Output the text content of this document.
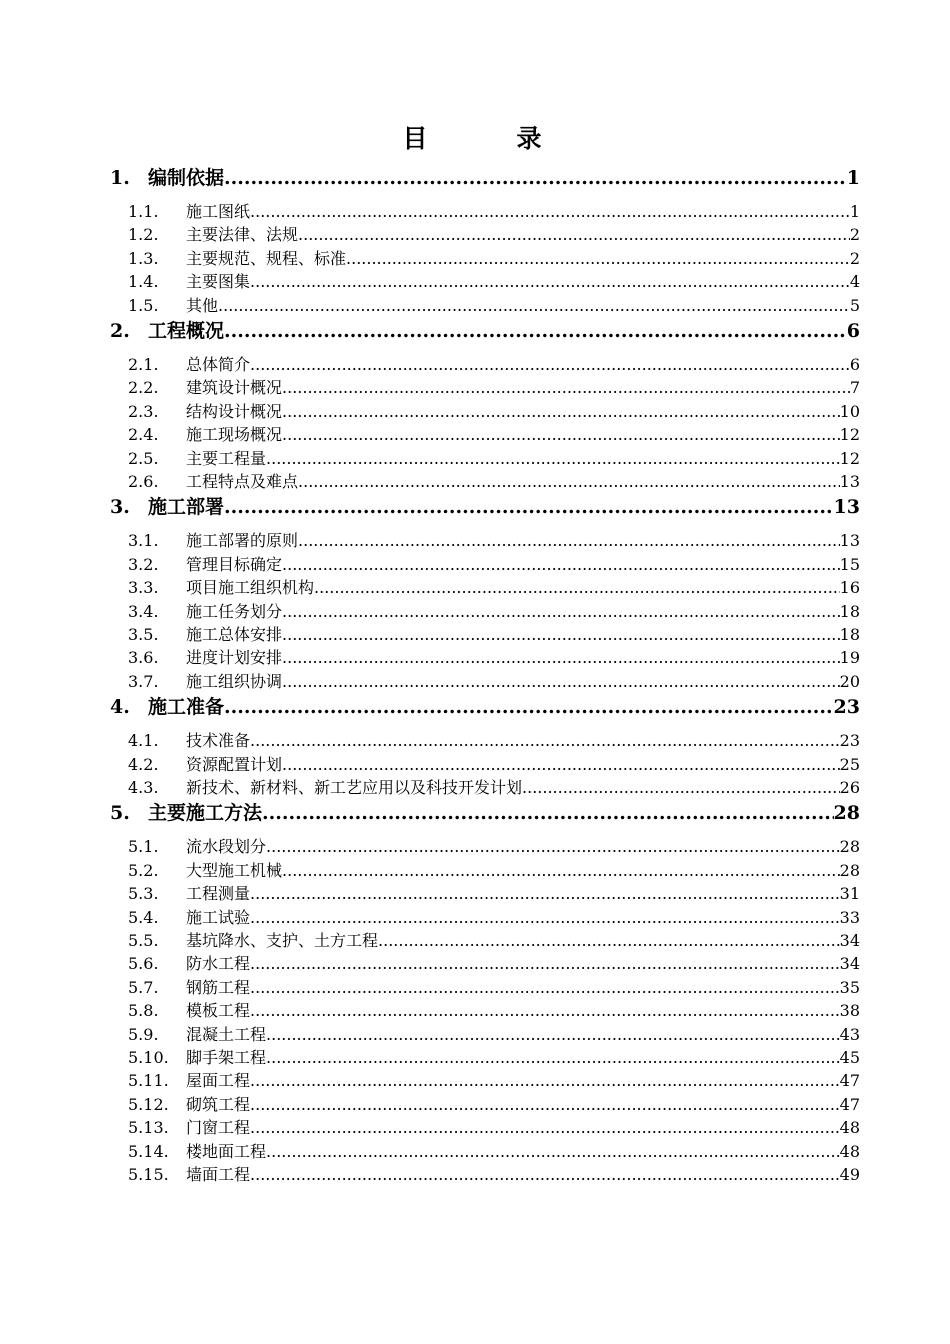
目　录
1. 编制依据 .....	1
1.1.	施工图纸 .....	1
1.2.	主要法律、法规 .....	2
1.3.	主要规范、规程、标准 .....	2
1.4.	主要图集 .....	4
1.5.	其他 .....	5
2. 工程概况 .....	6
2.1.	总体简介 .....	6
2.2.	建筑设计概况 .....	7
2.3.	结构设计概况 .....	10
2.4.	施工现场概况 .....	12
2.5.	主要工程量 .....	12
2.6.	工程特点及难点 .....	13
3. 施工部署 .....	13
3.1.	施工部署的原则 .....	13
3.2.	管理目标确定 .....	15
3.3.	项目施工组织机构 .....	16
3.4.	施工任务划分 .....	18
3.5.	施工总体安排 .....	18
3.6.	进度计划安排 .....	19
3.7.	施工组织协调 .....	20
4. 施工准备 .....	23
4.1.	技术准备 .....	23
4.2.	资源配置计划 .....	25
4.3.	新技术、新材料、新工艺应用以及科技开发计划 .....	26
5. 主要施工方法 .....	28
5.1.	流水段划分 .....	28
5.2.	大型施工机械 .....	28
5.3.	工程测量 .....	31
5.4.	施工试验 .....	33
5.5.	基坑降水、支护、土方工程 .....	34
5.6.	防水工程 .....	34
5.7.	钢筋工程 .....	35
5.8.	模板工程 .....	38
5.9.	混凝土工程 .....	43
5.10.	脚手架工程 .....	45
5.11.	屋面工程 .....	47
5.12.	砌筑工程 .....	47
5.13.	门窗工程 .....	48
5.14.	楼地面工程 .....	48
5.15.	墙面工程 .....	49
